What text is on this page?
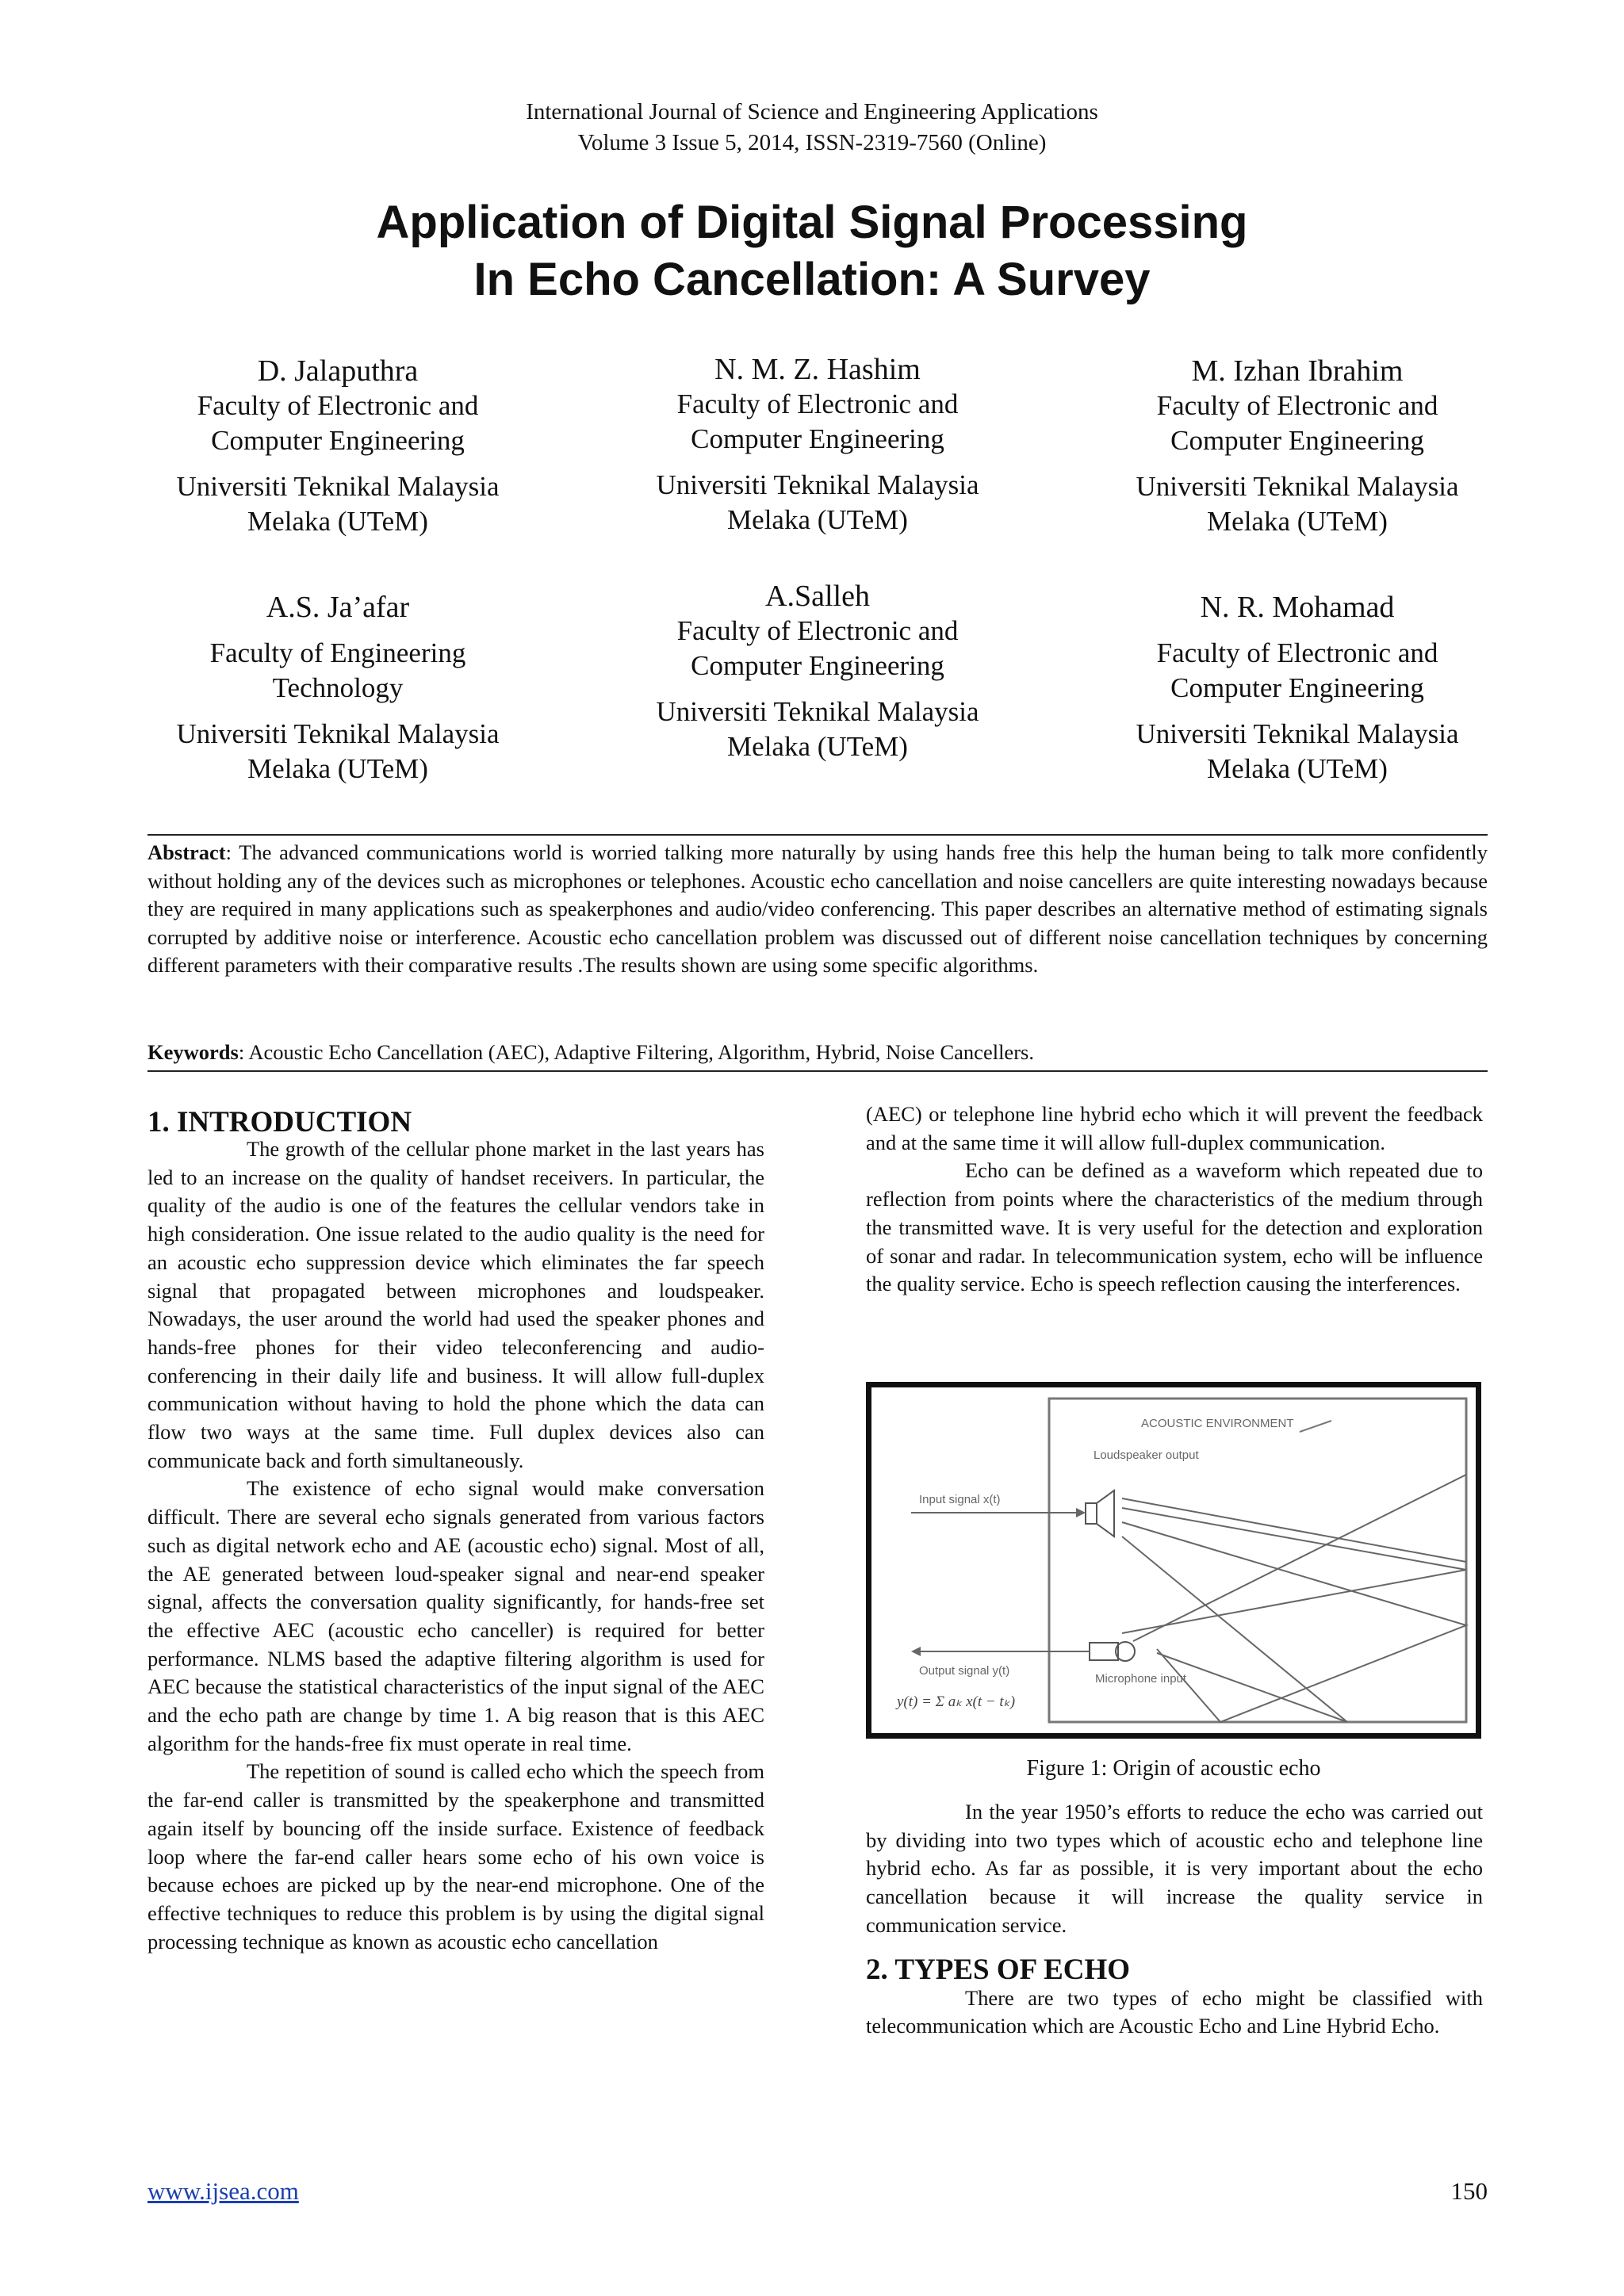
International Journal of Science and Engineering Applications
Volume 3 Issue 5, 2014, ISSN-2319-7560 (Online)
Application of Digital Signal Processing
In Echo Cancellation: A Survey
D. Jalaputhra
Faculty of Electronic and
Computer Engineering
Universiti Teknikal Malaysia
Melaka (UTeM)
N. M. Z. Hashim
Faculty of Electronic and
Computer Engineering
Universiti Teknikal Malaysia
Melaka (UTeM)
M. Izhan Ibrahim
Faculty of Electronic and
Computer Engineering
Universiti Teknikal Malaysia
Melaka (UTeM)
A.S. Ja’afar
Faculty of Engineering
Technology
Universiti Teknikal Malaysia
Melaka (UTeM)
A.Salleh
Faculty of Electronic and
Computer Engineering
Universiti Teknikal Malaysia
Melaka (UTeM)
N. R. Mohamad
Faculty of Electronic and
Computer Engineering
Universiti Teknikal Malaysia
Melaka (UTeM)
Abstract: The advanced communications world is worried talking more naturally by using hands free this help the human being to talk more confidently without holding any of the devices such as microphones or telephones. Acoustic echo cancellation and noise cancellers are quite interesting nowadays because they are required in many applications such as speakerphones and audio/video conferencing. This paper describes an alternative method of estimating signals corrupted by additive noise or interference. Acoustic echo cancellation problem was discussed out of different noise cancellation techniques by concerning different parameters with their comparative results .The results shown are using some specific algorithms.
Keywords: Acoustic Echo Cancellation (AEC), Adaptive Filtering, Algorithm, Hybrid, Noise Cancellers.
1. INTRODUCTION

The growth of the cellular phone market in the last years has led to an increase on the quality of handset receivers. In particular, the quality of the audio is one of the features the cellular vendors take in high consideration. One issue related to the audio quality is the need for an acoustic echo suppression device which eliminates the far speech signal that propagated between microphones and loudspeaker. Nowadays, the user around the world had used the speaker phones and hands-free phones for their video teleconferencing and audio-conferencing in their daily life and business. It will allow full-duplex communication without having to hold the phone which the data can flow two ways at the same time. Full duplex devices also can communicate back and forth simultaneously.

The existence of echo signal would make conversation difficult. There are several echo signals generated from various factors such as digital network echo and AE (acoustic echo) signal. Most of all, the AE generated between loud-speaker signal and near-end speaker signal, affects the conversation quality significantly, for hands-free set the effective AEC (acoustic echo canceller) is required for better performance. NLMS based the adaptive filtering algorithm is used for AEC because the statistical characteristics of the input signal of the AEC and the echo path are change by time 1. A big reason that is this AEC algorithm for the hands-free fix must operate in real time.

The repetition of sound is called echo which the speech from the far-end caller is transmitted by the speakerphone and transmitted again itself by bouncing off the inside surface. Existence of feedback loop where the far-end caller hears some echo of his own voice is because echoes are picked up by the near-end microphone. One of the effective techniques to reduce this problem is by using the digital signal processing technique as known as acoustic echo cancellation

(AEC) or telephone line hybrid echo which it will prevent the feedback and at the same time it will allow full-duplex communication.

Echo can be defined as a waveform which repeated due to reflection from points where the characteristics of the medium through the transmitted wave. It is very useful for the detection and exploration of sonar and radar. In telecommunication system, echo will be influence the quality service. Echo is speech reflection causing the interferences.

ACOUSTIC ENVIRONMENT
Loudspeaker output
Input signal x(t)
Microphone input
Output signal y(t)
y(t) = Σ aₖ x(t − tₖ)
Figure 1: Origin of acoustic echo

In the year 1950’s efforts to reduce the echo was carried out by dividing into two types which of acoustic echo and telephone line hybrid echo. As far as possible, it is very important about the echo cancellation because it will increase the quality service in communication service.

2. TYPES OF ECHO

There are two types of echo might be classified with telecommunication which are Acoustic Echo and Line Hybrid Echo.

www.ijsea.com	150
